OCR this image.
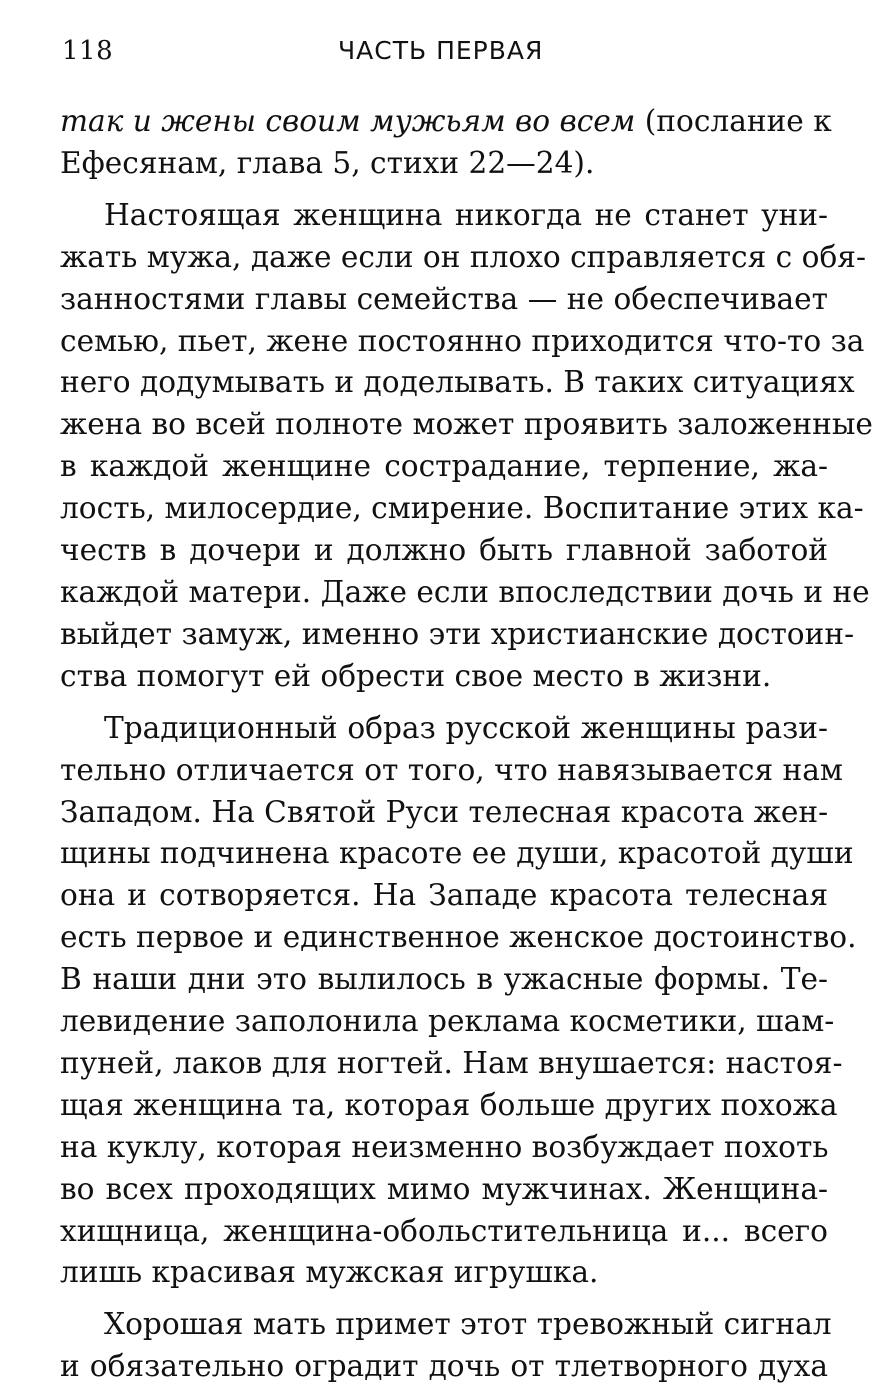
118	ЧАСТЬ ПЕРВАЯ

так и жены своим мужьям во всем (послание к
Ефесянам, глава 5, стихи 22—24).

Настоящая женщина никогда не станет уни-
жать мужа, даже если он плохо справляется с обя-
занностями главы семейства — не обеспечивает
семью, пьет, жене постоянно приходится что-то за
него додумывать и доделывать. В таких ситуациях
жена во всей полноте может проявить заложенные
в каждой женщине сострадание, терпение, жа-
лость, милосердие, смирение. Воспитание этих ка-
честв в дочери и должно быть главной заботой
каждой матери. Даже если впоследствии дочь и не
выйдет замуж, именно эти христианские достоин-
ства помогут ей обрести свое место в жизни.

Традиционный образ русской женщины рази-
тельно отличается от того, что навязывается нам
Западом. На Святой Руси телесная красота жен-
щины подчинена красоте ее души, красотой души
она и сотворяется. На Западе красота телесная
есть первое и единственное женское достоинство.
В наши дни это вылилось в ужасные формы. Те-
левидение заполонила реклама косметики, шам-
пуней, лаков для ногтей. Нам внушается: настоя-
щая женщина та, которая больше других похожа
на куклу, которая неизменно возбуждает похоть
во всех проходящих мимо мужчинах. Женщина-
хищница, женщина-обольстительница и... всего
лишь красивая мужская игрушка.

Хорошая мать примет этот тревожный сигнал
и обязательно оградит дочь от тлетворного духа
